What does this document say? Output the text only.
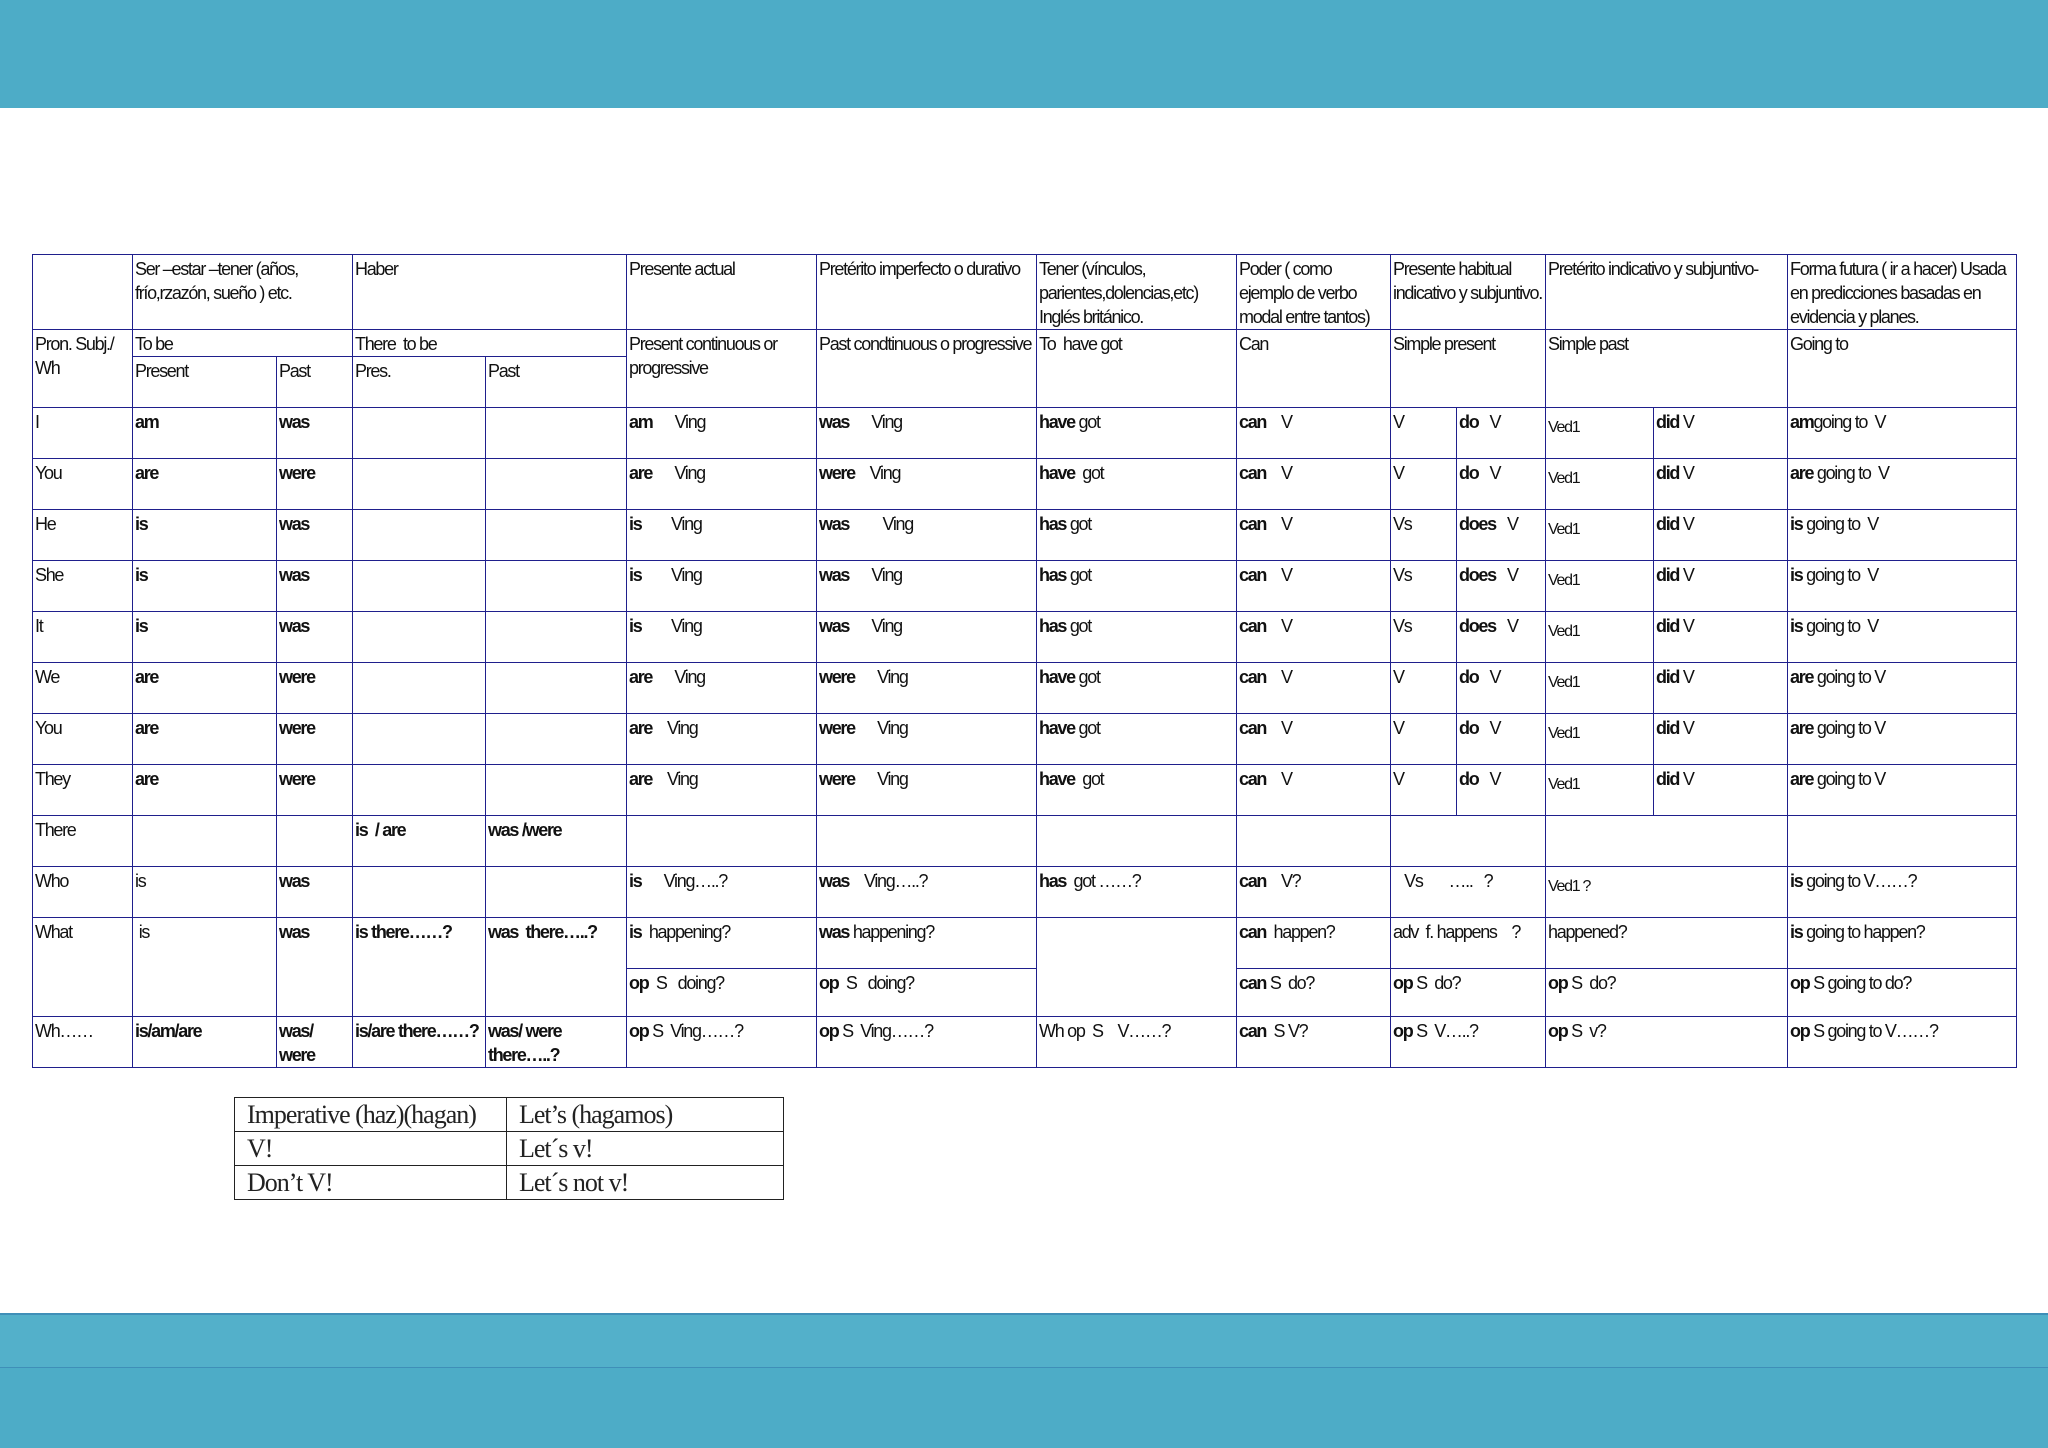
	Ser –estar –tener (años, frío,rzazón, sueño ) etc.		Haber		Presente actual	Pretérito imperfecto o durativo	Tener (vínculos, parientes,dolencias,etc) Inglés británico.	Poder ( como ejemplo de verbo modal entre tantos)	Presente habitual indicativo y subjuntivo.		Pretérito indicativo y subjuntivo-		Forma futura ( ir a hacer) Usada en predicciones basadas en evidencia y planes.
Pron. Subj./ Wh	To be		There  to be		Present continuous or progressive	Past condtinuous o progressive	To  have got	Can	Simple present		Simple past		Going to
	Present	Past	Pres.	Past									
I	am	was			am Ving	was Ving	have got	can V	V	do V	Ved1	did V	amgoing to  V
You	are	were			are Ving	were Ving	have got	can V	V	do V	Ved1	did V	are going to  V
He	is	was			is Ving	was Ving	has got	can V	Vs	does V	Ved1	did V	is going to  V
She	is	was			is Ving	was Ving	has got	can V	Vs	does V	Ved1	did V	is going to  V
It	is	was			is Ving	was Ving	has got	can V	Vs	does V	Ved1	did V	is going to  V
We	are	were			are Ving	were Ving	have got	can V	V	do V	Ved1	did V	are going to V
You	are	were			are Ving	were Ving	have got	can V	V	do V	Ved1	did V	are going to V
They	are	were			are Ving	were Ving	have got	can V	V	do V	Ved1	did V	are going to V
There			is  / are	was /were									
Who	is	was			is Ving…..?	was Ving…..?	has got ……?	can V?	Vs       …..   ?		Ved1 ?		is going to V……?
What	is	was	is there……?	was  there…..?	is happening?	was happening?		can happen?	adv  f. happens    ?		happened?		is going to happen?
					op S   doing?	op S   doing?		can S  do?	op S  do?		op S  do?		op S going to do?
Wh……	is/am/are	was/ were	is/are there……?	was/ were there…..?	op S  Ving……?	op S  Ving……?	Wh op  S    V……?	can S V?	op S  V…..?		op S  v?		op S going to V……?
Imperative (haz)(hagan)	Let’s (hagamos)
V!	Let´s v!
Don’t V!	Let´s not v!
